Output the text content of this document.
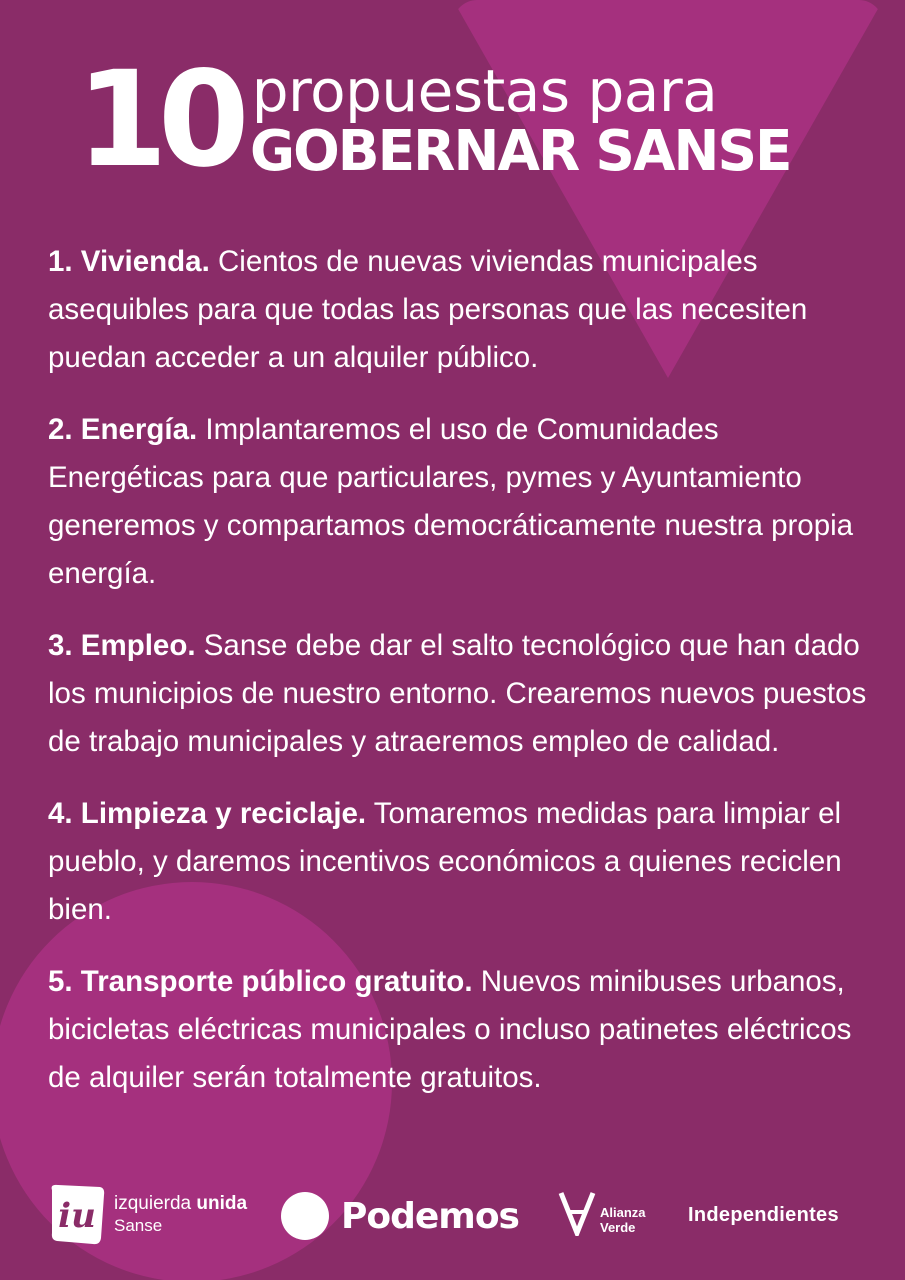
10 propuestas para
GOBERNAR SANSE
1. Vivienda. Cientos de nuevas viviendas municipales asequibles para que todas las personas que las necesiten puedan acceder a un alquiler público.
2. Energía. Implantaremos el uso de Comunidades Energéticas para que particulares, pymes y Ayuntamiento generemos y compartamos democráticamente nuestra propia energía.
3. Empleo. Sanse debe dar el salto tecnológico que han dado los municipios de nuestro entorno. Crearemos nuevos puestos de trabajo municipales y atraeremos empleo de calidad.
4. Limpieza y reciclaje. Tomaremos medidas para limpiar el pueblo, y daremos incentivos económicos a quienes reciclen bien.
5. Transporte público gratuito. Nuevos minibuses urbanos, bicicletas eléctricas municipales o incluso patinetes eléctricos de alquiler serán totalmente gratuitos.
iu izquierda unida
Sanse	Podemos	Alianza
Verde
Independientes
